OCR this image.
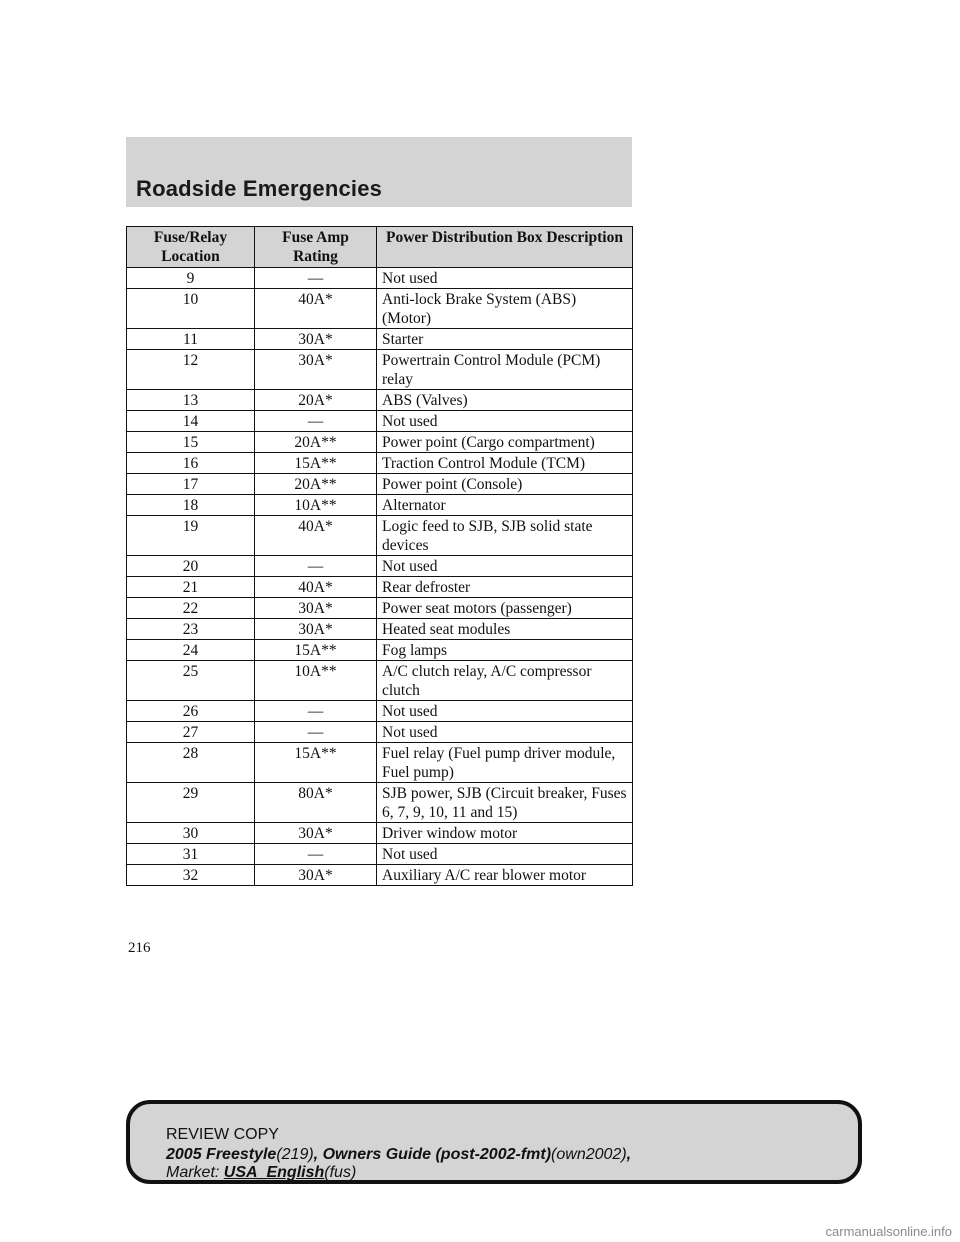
Roadside Emergencies
Fuse/Relay Location	Fuse Amp Rating	Power Distribution Box Description
9	—	Not used
10	40A*	Anti-lock Brake System (ABS) (Motor)
11	30A*	Starter
12	30A*	Powertrain Control Module (PCM) relay
13	20A*	ABS (Valves)
14	—	Not used
15	20A**	Power point (Cargo compartment)
16	15A**	Traction Control Module (TCM)
17	20A**	Power point (Console)
18	10A**	Alternator
19	40A*	Logic feed to SJB, SJB solid state devices
20	—	Not used
21	40A*	Rear defroster
22	30A*	Power seat motors (passenger)
23	30A*	Heated seat modules
24	15A**	Fog lamps
25	10A**	A/C clutch relay, A/C compressor clutch
26	—	Not used
27	—	Not used
28	15A**	Fuel relay (Fuel pump driver module, Fuel pump)
29	80A*	SJB power, SJB (Circuit breaker, Fuses 6, 7, 9, 10, 11 and 15)
30	30A*	Driver window motor
31	—	Not used
32	30A*	Auxiliary A/C rear blower motor
216
REVIEW COPY
2005 Freestyle(219), Owners Guide (post-2002-fmt)(own2002),
Market: USA_English(fus)
carmanualsonline.info
